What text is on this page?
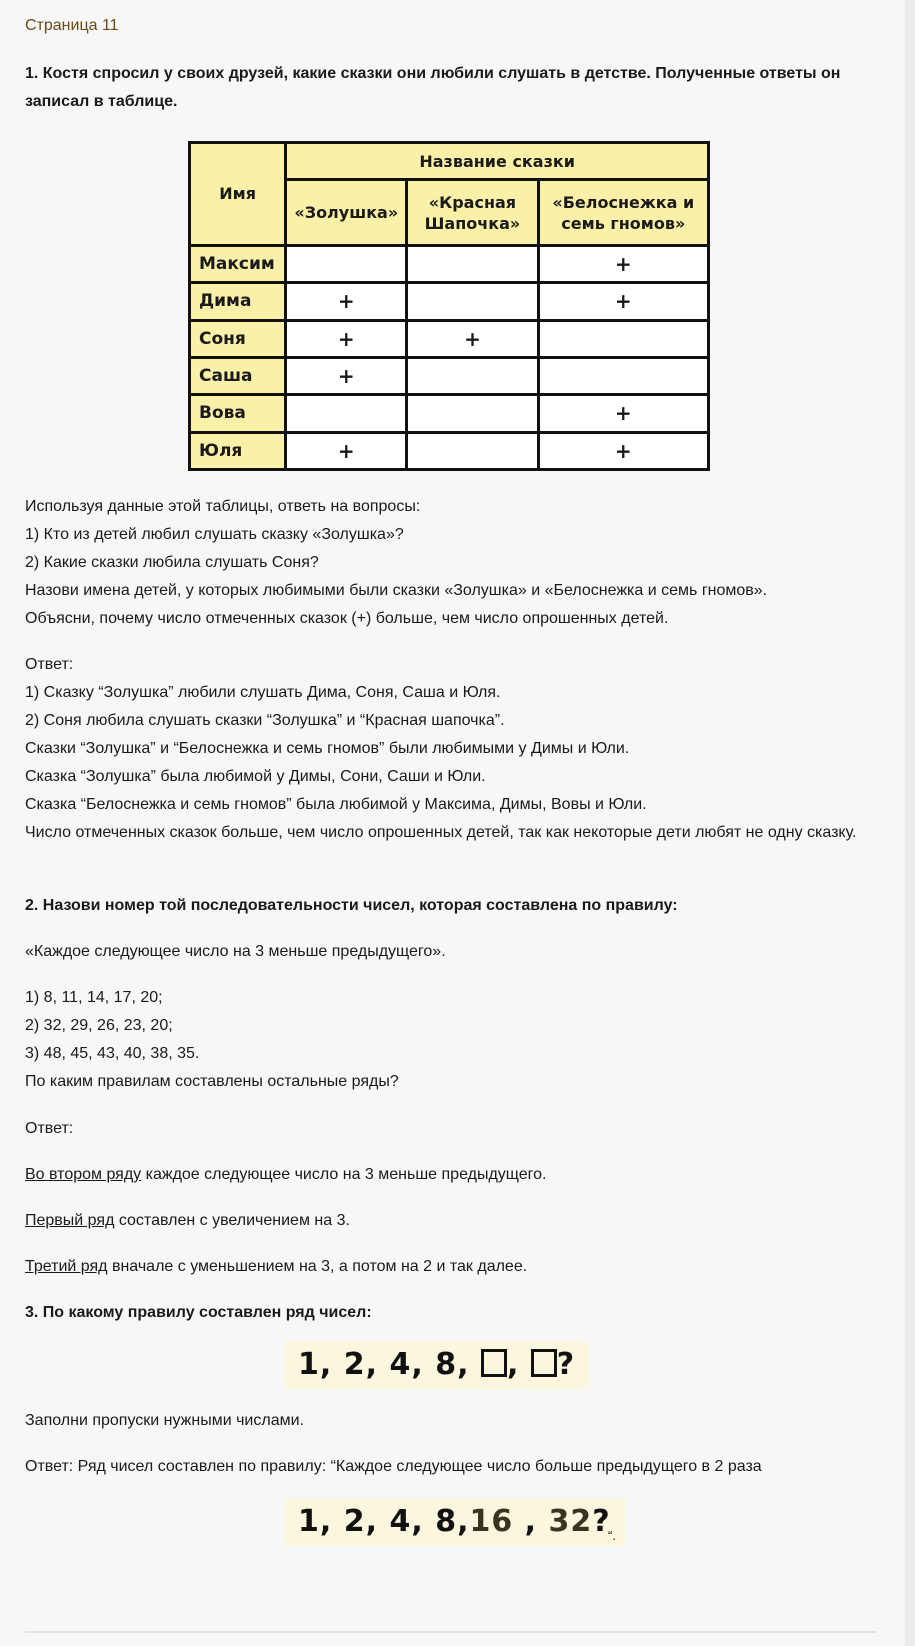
Страница 11

1. Костя спросил у своих друзей, какие сказки они любили слушать в детстве. Полученные ответы он записал в таблице.

Имя	Название сказки		
	«Золушка»	«Красная Шапочка»	«Белоснежка и семь гномов»
Максим			+
Дима	+		+
Соня	+	+	
Саша	+		
Вова			+
Юля	+		+

Используя данные этой таблицы, ответь на вопросы:

1) Кто из детей любил слушать сказку «Золушка»?

2) Какие сказки любила слушать Соня?

Назови имена детей, у которых любимыми были сказки «Золушка» и «Белоснежка и семь гномов».

Объясни, почему число отмеченных сказок (+) больше, чем число опрошенных детей.

Ответ:

1) Сказку “Золушка” любили слушать Дима, Соня, Саша и Юля.

2) Соня любила слушать сказки “Золушка” и “Красная шапочка”.

Сказки “Золушка” и “Белоснежка и семь гномов” были любимыми у Димы и Юли.

Сказка “Золушка” была любимой у Димы, Сони, Саши и Юли.

Сказка “Белоснежка и семь гномов” была любимой у Максима, Димы, Вовы и Юли.

Число отмеченных сказок больше, чем число опрошенных детей, так как некоторые дети любят не одну сказку.

2. Назови номер той последовательности чисел, которая составлена по правилу:

«Каждое следующее число на 3 меньше предыдущего».

1) 8, 11, 14, 17, 20;

2) 32, 29, 26, 23, 20;

3) 48, 45, 43, 40, 38, 35.

По каким правилам составлены остальные ряды?

Ответ:

Во втором ряду каждое следующее число на 3 меньше предыдущего.

Первый ряд составлен с увеличением на 3.

Третий ряд вначале с уменьшением на 3, а потом на 2 и так далее.

3. По какому правилу составлен ряд чисел:

1, 2, 4, 8, , ?

Заполни пропуски нужными числами.

Ответ: Ряд чисел составлен по правилу: “Каждое следующее число больше предыдущего в 2 раза

1, 2, 4, 8,16 , 32?
“.
